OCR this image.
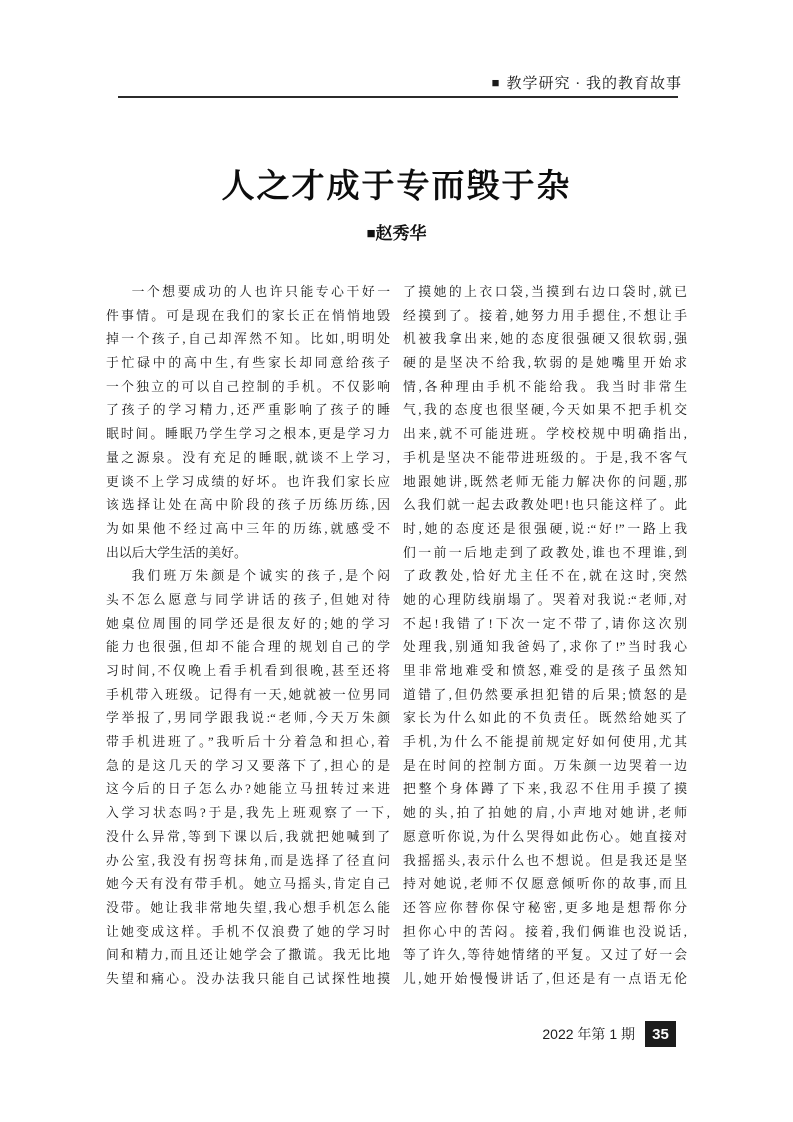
■ 教学研究 · 我的教育故事
人之才成于专而毁于杂
■赵秀华
一个想要成功的人也许只能专心干好一
件事情。可是现在我们的家长正在悄悄地毁
掉一个孩子,自己却浑然不知。比如,明明处
于忙碌中的高中生,有些家长却同意给孩子
一个独立的可以自己控制的手机。不仅影响
了孩子的学习精力,还严重影响了孩子的睡
眠时间。睡眠乃学生学习之根本,更是学习力
量之源泉。没有充足的睡眠,就谈不上学习,
更谈不上学习成绩的好坏。也许我们家长应
该选择让处在高中阶段的孩子历练历练,因
为如果他不经过高中三年的历练,就感受不
出以后大学生活的美好。
我们班万朱颜是个诚实的孩子,是个闷
头不怎么愿意与同学讲话的孩子,但她对待
她桌位周围的同学还是很友好的;她的学习
能力也很强,但却不能合理的规划自己的学
习时间,不仅晚上看手机看到很晚,甚至还将
手机带入班级。记得有一天,她就被一位男同
学举报了,男同学跟我说:“老师,今天万朱颜
带手机进班了。”我听后十分着急和担心,着
急的是这几天的学习又要落下了,担心的是
这今后的日子怎么办?她能立马扭转过来进
入学习状态吗?于是,我先上班观察了一下,
没什么异常,等到下课以后,我就把她喊到了
办公室,我没有拐弯抹角,而是选择了径直问
她今天有没有带手机。她立马摇头,肯定自己
没带。她让我非常地失望,我心想手机怎么能
让她变成这样。手机不仅浪费了她的学习时
间和精力,而且还让她学会了撒谎。我无比地
失望和痛心。没办法我只能自己试探性地摸
了摸她的上衣口袋,当摸到右边口袋时,就已
经摸到了。接着,她努力用手摁住,不想让手
机被我拿出来,她的态度很强硬又很软弱,强
硬的是坚决不给我,软弱的是她嘴里开始求
情,各种理由手机不能给我。我当时非常生
气,我的态度也很坚硬,今天如果不把手机交
出来,就不可能进班。学校校规中明确指出,
手机是坚决不能带进班级的。于是,我不客气
地跟她讲,既然老师无能力解决你的问题,那
么我们就一起去政教处吧!也只能这样了。此
时,她的态度还是很强硬,说:“好!”一路上我
们一前一后地走到了政教处,谁也不理谁,到
了政教处,恰好尤主任不在,就在这时,突然
她的心理防线崩塌了。哭着对我说:“老师,对
不起!我错了!下次一定不带了,请你这次别
处理我,别通知我爸妈了,求你了!”当时我心
里非常地难受和愤怒,难受的是孩子虽然知
道错了,但仍然要承担犯错的后果;愤怒的是
家长为什么如此的不负责任。既然给她买了
手机,为什么不能提前规定好如何使用,尤其
是在时间的控制方面。万朱颜一边哭着一边
把整个身体蹲了下来,我忍不住用手摸了摸
她的头,拍了拍她的肩,小声地对她讲,老师
愿意听你说,为什么哭得如此伤心。她直接对
我摇摇头,表示什么也不想说。但是我还是坚
持对她说,老师不仅愿意倾听你的故事,而且
还答应你替你保守秘密,更多地是想帮你分
担你心中的苦闷。接着,我们俩谁也没说话,
等了许久,等待她情绪的平复。又过了好一会
儿,她开始慢慢讲话了,但还是有一点语无伦
2022 年第 1 期	35
